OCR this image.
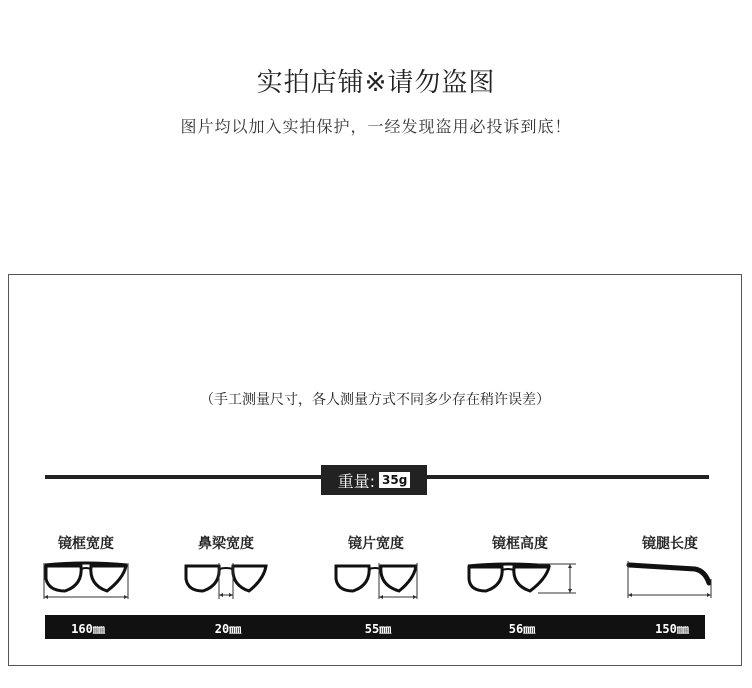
实拍店铺※请勿盗图
图片均以加入实拍保护，一经发现盗用必投诉到底！
（手工测量尺寸，各人测量方式不同多少存在稍许误差）
重量: 35g
镜框宽度	鼻梁宽度	镜片宽度	镜框高度	镜腿长度
160㎜	20㎜	55㎜	56㎜	150㎜
